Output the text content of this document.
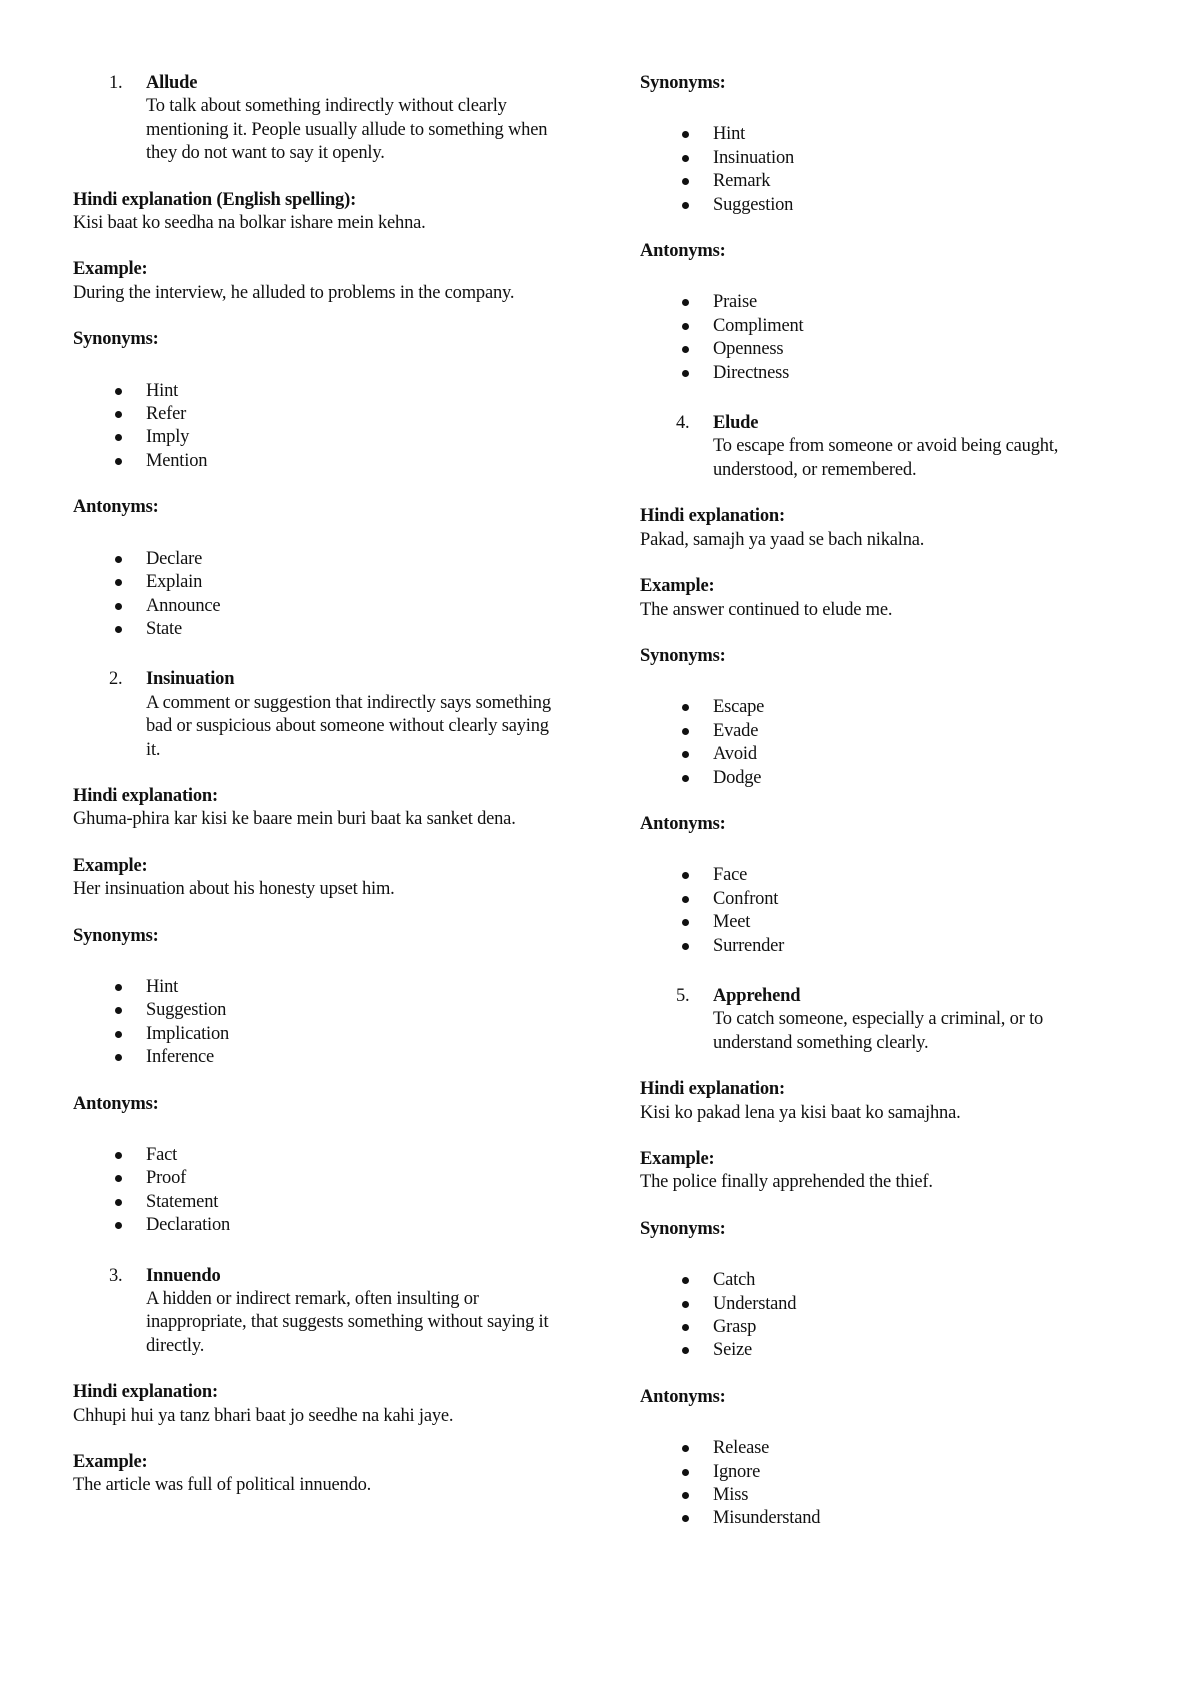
1. Allude

To talk about something indirectly without clearly mentioning it. People usually allude to something when they do not want to say it openly.

Hindi explanation (English spelling):

Kisi baat ko seedha na bolkar ishare mein kehna.

Example:

During the interview, he alluded to problems in the company.

Synonyms:
Hint
Refer
Imply
Mention
Antonyms:
Declare
Explain
Announce
State
2. Insinuation

A comment or suggestion that indirectly says something bad or suspicious about someone without clearly saying it.

Hindi explanation:

Ghuma-phira kar kisi ke baare mein buri baat ka sanket dena.

Example:

Her insinuation about his honesty upset him.

Synonyms:
Hint
Suggestion
Implication
Inference
Antonyms:
Fact
Proof
Statement
Declaration
3. Innuendo

A hidden or indirect remark, often insulting or inappropriate, that suggests something without saying it directly.

Hindi explanation:

Chhupi hui ya tanz bhari baat jo seedhe na kahi jaye.

Example:

The article was full of political innuendo.

Synonyms:
Hint
Insinuation
Remark
Suggestion
Antonyms:
Praise
Compliment
Openness
Directness
4. Elude

To escape from someone or avoid being caught, understood, or remembered.

Hindi explanation:

Pakad, samajh ya yaad se bach nikalna.

Example:

The answer continued to elude me.

Synonyms:
Escape
Evade
Avoid
Dodge
Antonyms:
Face
Confront
Meet
Surrender
5. Apprehend

To catch someone, especially a criminal, or to understand something clearly.

Hindi explanation:

Kisi ko pakad lena ya kisi baat ko samajhna.

Example:

The police finally apprehended the thief.

Synonyms:
Catch
Understand
Grasp
Seize
Antonyms:
Release
Ignore
Miss
Misunderstand
